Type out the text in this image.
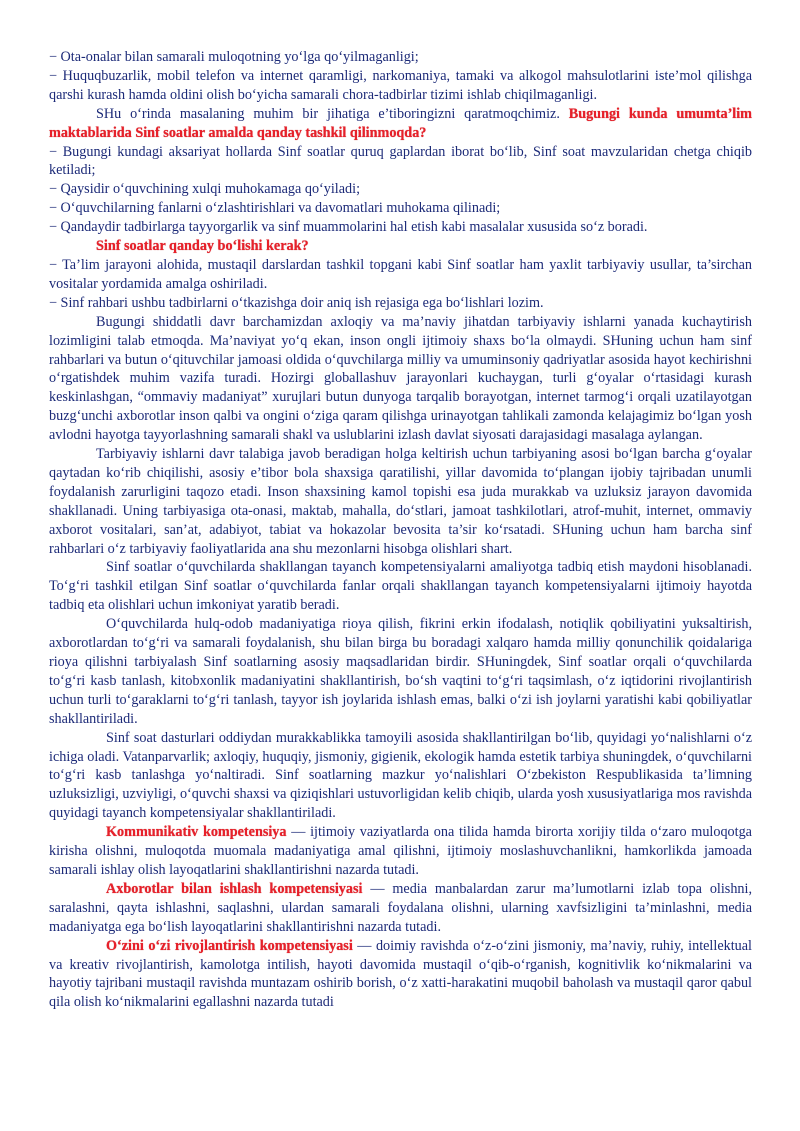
− Ota-onalar bilan samarali muloqotning yo‘lga qo‘yilmaganligi;

− Huquqbuzarlik, mobil telefon va internet qaramligi, narkomaniya, tamaki va alkogol mahsulotlarini iste’mol qilishga qarshi kurash hamda oldini olish bo‘yicha samarali chora-tadbirlar tizimi ishlab chiqilmaganligi.

SHu o‘rinda masalaning muhim bir jihatiga e’tiboringizni qaratmoqchimiz. Bugungi kunda umumta’lim maktablarida Sinf soatlar amalda qanday tashkil qilinmoqda?

− Bugungi kundagi aksariyat hollarda Sinf soatlar quruq gaplardan iborat bo‘lib, Sinf soat mavzularidan chetga chiqib ketiladi;

− Qaysidir o‘quvchining xulqi muhokamaga qo‘yiladi;

− O‘quvchilarning fanlarni o‘zlashtirishlari va davomatlari muhokama qilinadi;

− Qandaydir tadbirlarga tayyorgarlik va sinf muammolarini hal etish kabi masalalar xususida so‘z boradi.

Sinf soatlar qanday bo‘lishi kerak?

− Ta’lim jarayoni alohida, mustaqil darslardan tashkil topgani kabi Sinf soatlar ham yaxlit tarbiyaviy usullar, ta’sirchan vositalar yordamida amalga oshiriladi.

− Sinf rahbari ushbu tadbirlarni o‘tkazishga doir aniq ish rejasiga ega bo‘lishlari lozim.

Bugungi shiddatli davr barchamizdan axloqiy va ma’naviy jihatdan tarbiyaviy ishlarni yanada kuchaytirish lozimligini talab etmoqda. Ma’naviyat yo‘q ekan, inson ongli ijtimoiy shaxs bo‘la olmaydi. SHuning uchun ham sinf rahbarlari va butun o‘qituvchilar jamoasi oldida o‘quvchilarga milliy va umuminsoniy qadriyatlar asosida hayot kechirishni o‘rgatishdek muhim vazifa turadi. Hozirgi globallashuv jarayonlari kuchaygan, turli g‘oyalar o‘rtasidagi kurash keskinlashgan, “ommaviy madaniyat” xurujlari butun dunyoga tarqalib borayotgan, internet tarmog‘i orqali uzatilayotgan buzg‘unchi axborotlar inson qalbi va ongini o‘ziga qaram qilishga urinayotgan tahlikali zamonda kelajagimiz bo‘lgan yosh avlodni hayotga tayyorlashning samarali shakl va uslublarini izlash davlat siyosati darajasidagi masalaga aylangan.

Tarbiyaviy ishlarni davr talabiga javob beradigan holga keltirish uchun tarbiyaning asosi bo‘lgan barcha g‘oyalar qaytadan ko‘rib chiqilishi, asosiy e’tibor bola shaxsiga qaratilishi, yillar davomida to‘plangan ijobiy tajribadan unumli foydalanish zarurligini taqozo etadi. Inson shaxsining kamol topishi esa juda murakkab va uzluksiz jarayon davomida shakllanadi. Uning tarbiyasiga ota-onasi, maktab, mahalla, do‘stlari, jamoat tashkilotlari, atrof-muhit, internet, ommaviy axborot vositalari, san’at, adabiyot, tabiat va hokazolar bevosita ta’sir ko‘rsatadi. SHuning uchun ham barcha sinf rahbarlari o‘z tarbiyaviy faoliyatlarida ana shu mezonlarni hisobga olishlari shart.

Sinf soatlar o‘quvchilarda shakllangan tayanch kompetensiyalarni amaliyotga tadbiq etish maydoni hisoblanadi. To‘g‘ri tashkil etilgan Sinf soatlar o‘quvchilarda fanlar orqali shakllangan tayanch kompetensiyalarni ijtimoiy hayotda tadbiq eta olishlari uchun imkoniyat yaratib beradi.

O‘quvchilarda hulq-odob madaniyatiga rioya qilish, fikrini erkin ifodalash, notiqlik qobiliyatini yuksaltirish, axborotlardan to‘g‘ri va samarali foydalanish, shu bilan birga bu boradagi xalqaro hamda milliy qonunchilik qoidalariga rioya qilishni tarbiyalash Sinf soatlarning asosiy maqsadlaridan birdir. SHuningdek, Sinf soatlar orqali o‘quvchilarda to‘g‘ri kasb tanlash, kitobxonlik madaniyatini shakllantirish, bo‘sh vaqtini to‘g‘ri taqsimlash, o‘z iqtidorini rivojlantirish uchun turli to‘garaklarni to‘g‘ri tanlash, tayyor ish joylarida ishlash emas, balki o‘zi ish joylarni yaratishi kabi qobiliyatlar shakllantiriladi.

Sinf soat dasturlari oddiydan murakkablikka tamoyili asosida shakllantirilgan bo‘lib, quyidagi yo‘nalishlarni o‘z ichiga oladi. Vatanparvarlik; axloqiy, huquqiy, jismoniy, gigienik, ekologik hamda estetik tarbiya shuningdek, o‘quvchilarni to‘g‘ri kasb tanlashga yo‘naltiradi. Sinf soatlarning mazkur yo‘nalishlari O‘zbekiston Respublikasida ta’limning uzluksizligi, uzviyligi, o‘quvchi shaxsi va qiziqishlari ustuvorligidan kelib chiqib, ularda yosh xususiyatlariga mos ravishda quyidagi tayanch kompetensiyalar shakllantiriladi.

Kommunikativ kompetensiya — ijtimoiy vaziyatlarda ona tilida hamda birorta xorijiy tilda o‘zaro muloqotga kirisha olishni, muloqotda muomala madaniyatiga amal qilishni, ijtimoiy moslashuvchanlikni, hamkorlikda jamoada samarali ishlay olish layoqatlarini shakllantirishni nazarda tutadi.

Axborotlar bilan ishlash kompetensiyasi — media manbalardan zarur ma’lumotlarni izlab topa olishni, saralashni, qayta ishlashni, saqlashni, ulardan samarali foydalana olishni, ularning xavfsizligini ta’minlashni, media madaniyatga ega bo‘lish layoqatlarini shakllantirishni nazarda tutadi.

O‘zini o‘zi rivojlantirish kompetensiyasi — doimiy ravishda o‘z-o‘zini jismoniy, ma’naviy, ruhiy, intellektual va kreativ rivojlantirish, kamolotga intilish, hayoti davomida mustaqil o‘qib-o‘rganish, kognitivlik ko‘nikmalarini va hayotiy tajribani mustaqil ravishda muntazam oshirib borish, o‘z xatti-harakatini muqobil baholash va mustaqil qaror qabul qila olish ko‘nikmalarini egallashni nazarda tutadi
